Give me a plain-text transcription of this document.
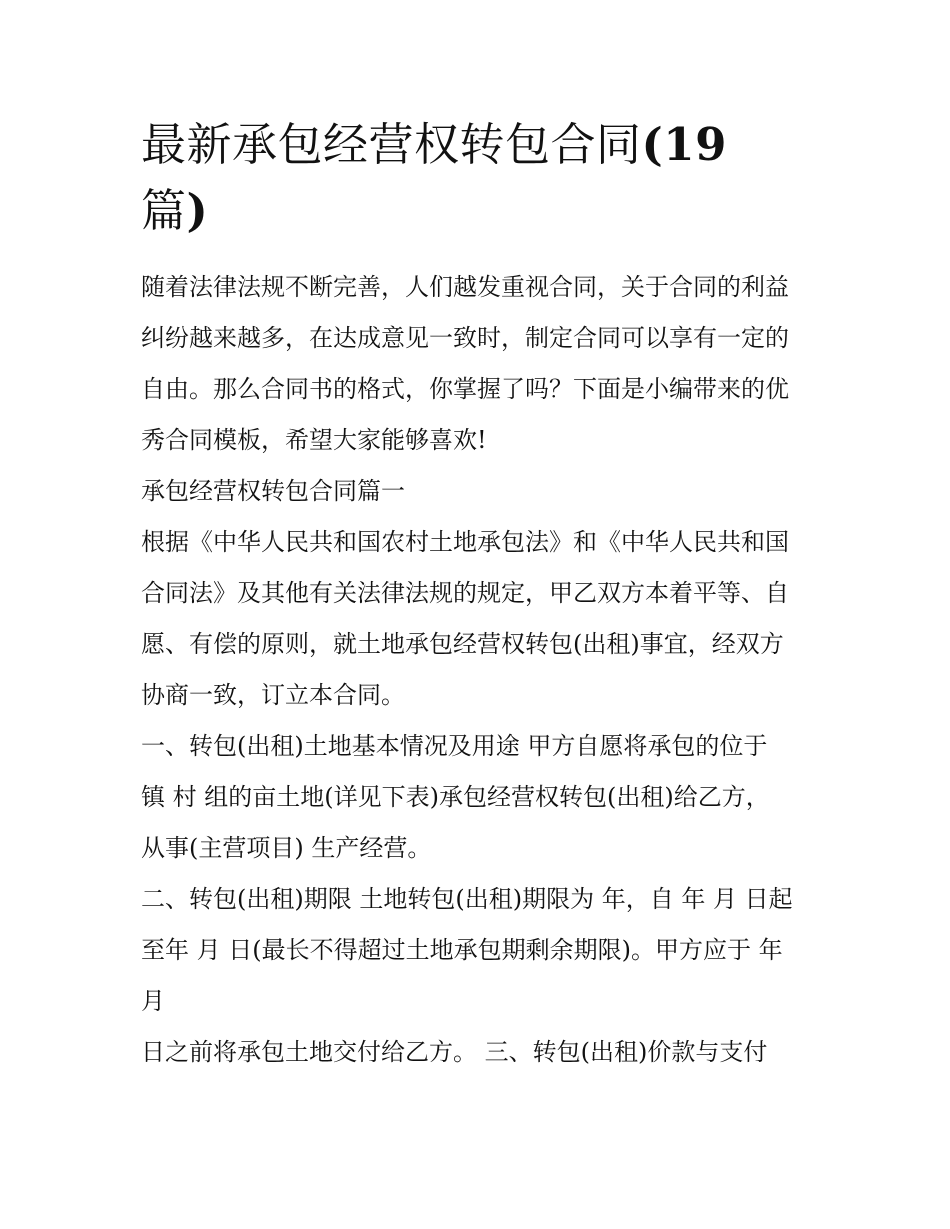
最新承包经营权转包合同(19
篇)

随着法律法规不断完善，人们越发重视合同，关于合同的利益

纠纷越来越多，在达成意见一致时，制定合同可以享有一定的

自由。那么合同书的格式，你掌握了吗？下面是小编带来的优

秀合同模板，希望大家能够喜欢!

承包经营权转包合同篇一

根据《中华人民共和国农村土地承包法》和《中华人民共和国

合同法》及其他有关法律法规的规定，甲乙双方本着平等、自

愿、有偿的原则，就土地承包经营权转包(出租)事宜，经双方

协商一致，订立本合同。

一、转包(出租)土地基本情况及用途 甲方自愿将承包的位于

镇 村 组的亩土地(详见下表)承包经营权转包(出租)给乙方，

从事(主营项目) 生产经营。

二、转包(出租)期限 土地转包(出租)期限为 年，自 年 月 日起

至年 月 日(最长不得超过土地承包期剩余期限)。甲方应于 年

月

日之前将承包土地交付给乙方。 三、转包(出租)价款与支付
